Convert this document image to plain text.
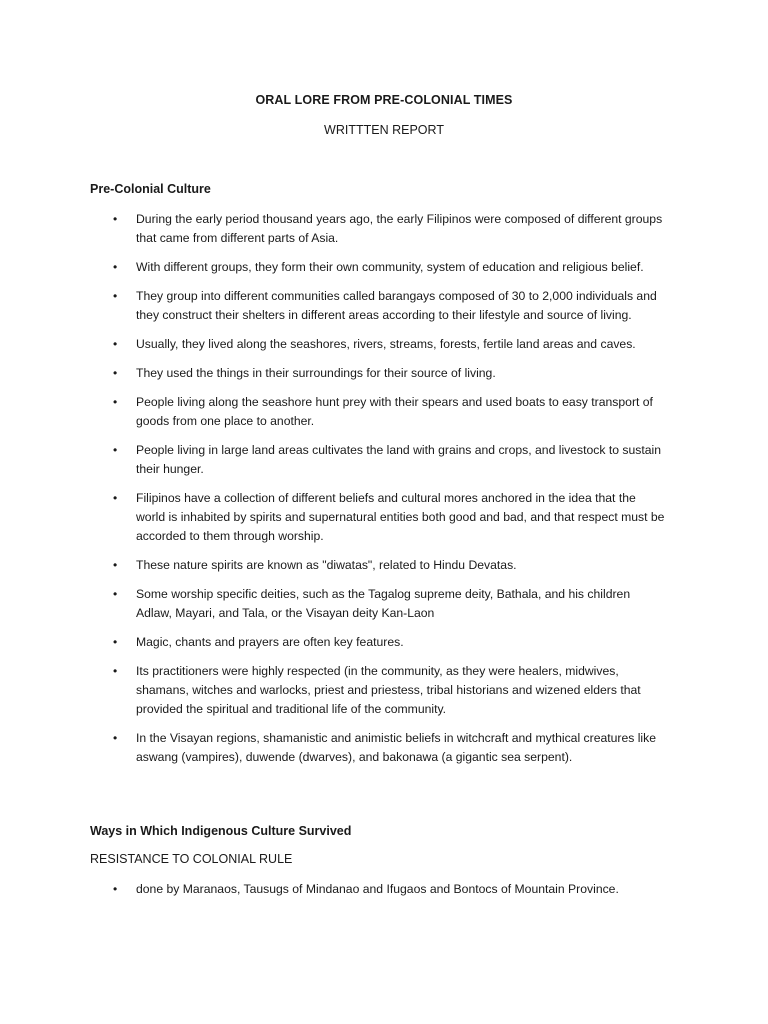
ORAL LORE FROM PRE-COLONIAL TIMES
WRITTTEN REPORT
Pre-Colonial Culture
• During the early period thousand years ago, the early Filipinos were composed of different groups that came from different parts of Asia.
• With different groups, they form their own community, system of education and religious belief.
• They group into different communities called barangays composed of 30 to 2,000 individuals and they construct their shelters in different areas according to their lifestyle and source of living.
• Usually, they lived along the seashores, rivers, streams, forests, fertile land areas and caves.
• They used the things in their surroundings for their source of living.
• People living along the seashore hunt prey with their spears and used boats to easy transport of goods from one place to another.
• People living in large land areas cultivates the land with grains and crops, and livestock to sustain their hunger.
• Filipinos have a collection of different beliefs and cultural mores anchored in the idea that the world is inhabited by spirits and supernatural entities both good and bad, and that respect must be accorded to them through worship.
• These nature spirits are known as "diwatas", related to Hindu Devatas.
• Some worship specific deities, such as the Tagalog supreme deity, Bathala, and his children Adlaw, Mayari, and Tala, or the Visayan deity Kan-Laon
• Magic, chants and prayers are often key features.
• Its practitioners were highly respected (in the community, as they were healers, midwives, shamans, witches and warlocks, priest and priestess, tribal historians and wizened elders that provided the spiritual and traditional life of the community.
• In the Visayan regions, shamanistic and animistic beliefs in witchcraft and mythical creatures like aswang (vampires), duwende (dwarves), and bakonawa (a gigantic sea serpent).
Ways in Which Indigenous Culture Survived
RESISTANCE TO COLONIAL RULE
• done by Maranaos, Tausugs of Mindanao and Ifugaos and Bontocs of Mountain Province.
